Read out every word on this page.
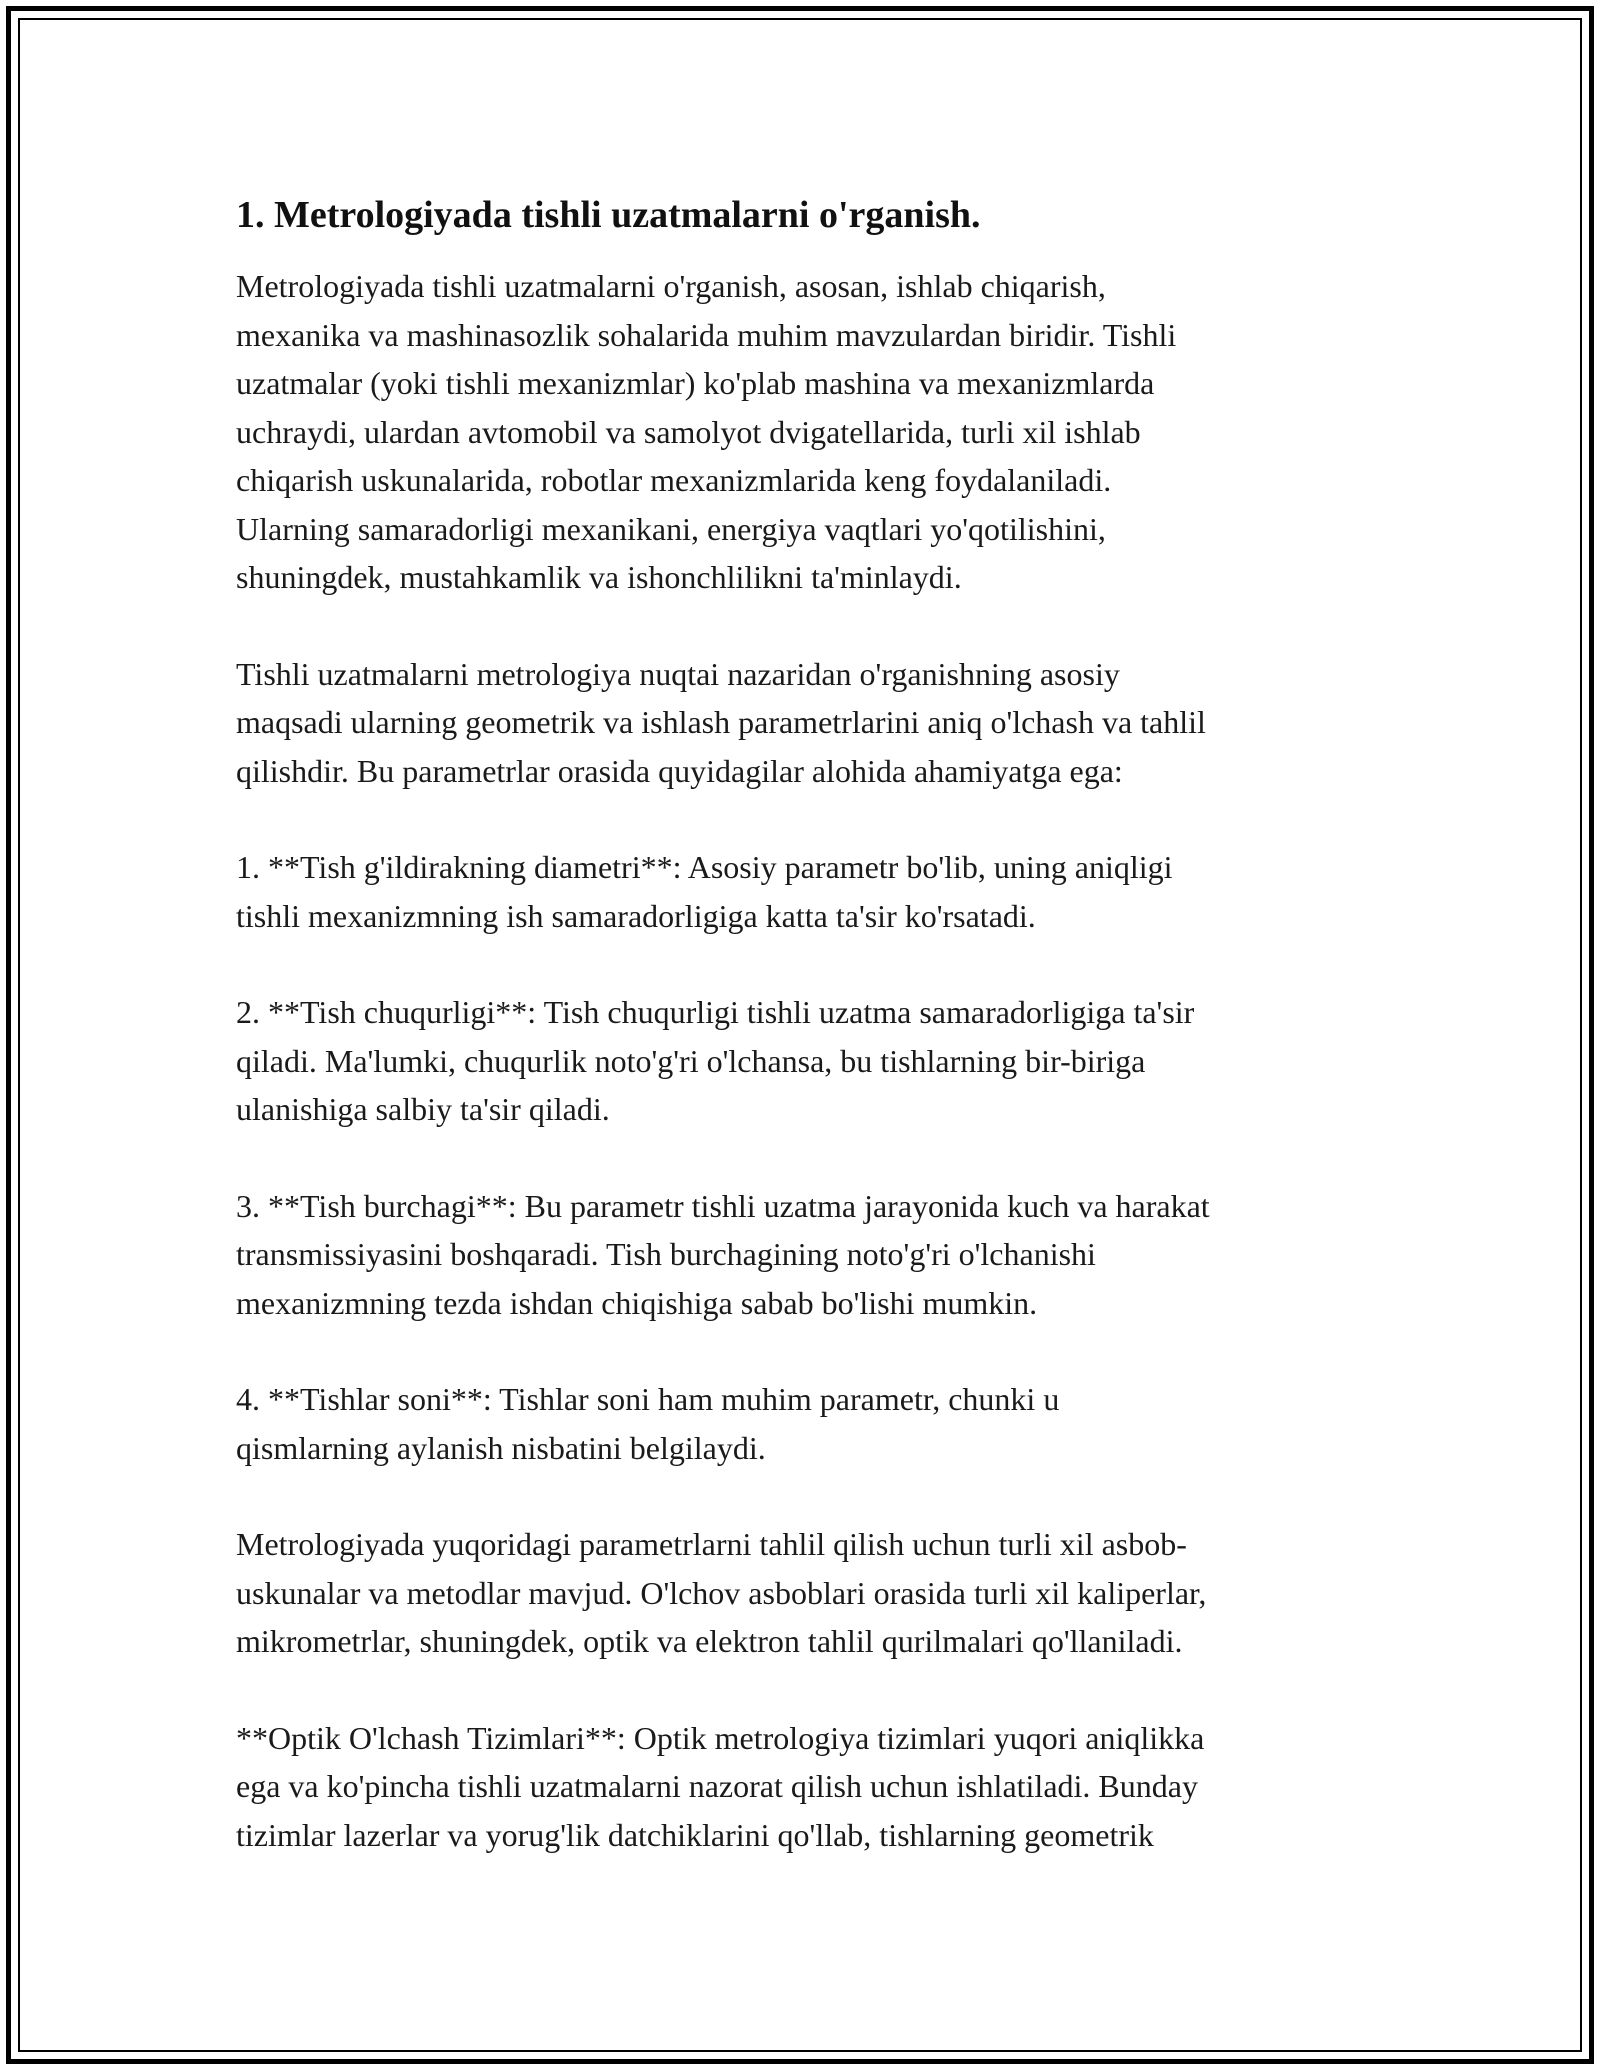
1. Metrologiyada tishli uzatmalarni o'rganish.

Metrologiyada tishli uzatmalarni o'rganish, asosan, ishlab chiqarish,
mexanika va mashinasozlik sohalarida muhim mavzulardan biridir. Tishli
uzatmalar (yoki tishli mexanizmlar) ko'plab mashina va mexanizmlarda
uchraydi, ulardan avtomobil va samolyot dvigatellarida, turli xil ishlab
chiqarish uskunalarida, robotlar mexanizmlarida keng foydalaniladi.
Ularning samaradorligi mexanikani, energiya vaqtlari yo'qotilishini,
shuningdek, mustahkamlik va ishonchlilikni ta'minlaydi.

Tishli uzatmalarni metrologiya nuqtai nazaridan o'rganishning asosiy
maqsadi ularning geometrik va ishlash parametrlarini aniq o'lchash va tahlil
qilishdir. Bu parametrlar orasida quyidagilar alohida ahamiyatga ega:

1. **Tish g'ildirakning diametri**: Asosiy parametr bo'lib, uning aniqligi
tishli mexanizmning ish samaradorligiga katta ta'sir ko'rsatadi.

2. **Tish chuqurligi**: Tish chuqurligi tishli uzatma samaradorligiga ta'sir
qiladi. Ma'lumki, chuqurlik noto'g'ri o'lchansa, bu tishlarning bir-biriga
ulanishiga salbiy ta'sir qiladi.

3. **Tish burchagi**: Bu parametr tishli uzatma jarayonida kuch va harakat
transmissiyasini boshqaradi. Tish burchagining noto'g'ri o'lchanishi
mexanizmning tezda ishdan chiqishiga sabab bo'lishi mumkin.

4. **Tishlar soni**: Tishlar soni ham muhim parametr, chunki u
qismlarning aylanish nisbatini belgilaydi.

Metrologiyada yuqoridagi parametrlarni tahlil qilish uchun turli xil asbob-
uskunalar va metodlar mavjud. O'lchov asboblari orasida turli xil kaliperlar,
mikrometrlar, shuningdek, optik va elektron tahlil qurilmalari qo'llaniladi.

**Optik O'lchash Tizimlari**: Optik metrologiya tizimlari yuqori aniqlikka
ega va ko'pincha tishli uzatmalarni nazorat qilish uchun ishlatiladi. Bunday
tizimlar lazerlar va yorug'lik datchiklarini qo'llab, tishlarning geometrik
